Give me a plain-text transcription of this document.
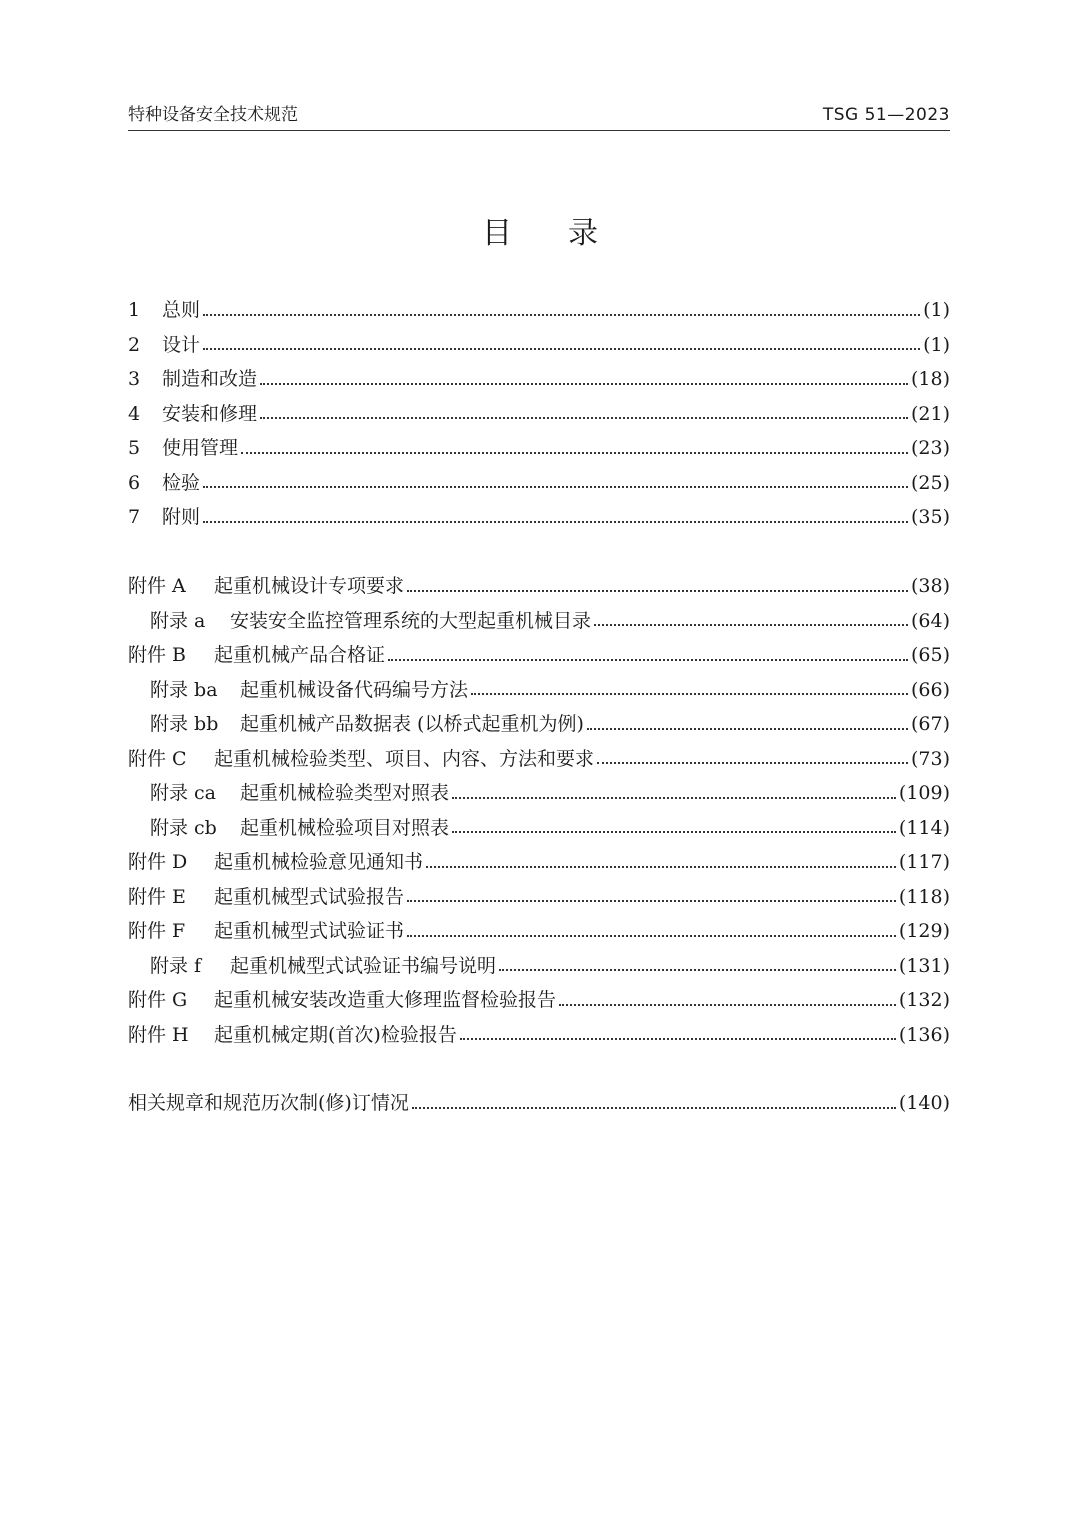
特种设备安全技术规范	TSG 51—2023
目录
1	总则	(1)
2	设计	(1)
3	制造和改造	(18)
4	安装和修理	(21)
5	使用管理	(23)
6	检验	(25)
7	附则	(35)
附件 A	起重机械设计专项要求	(38)
附录 a	安装安全监控管理系统的大型起重机械目录	(64)
附件 B	起重机械产品合格证	(65)
附录 ba	起重机械设备代码编号方法	(66)
附录 bb	起重机械产品数据表 (以桥式起重机为例)	(67)
附件 C	起重机械检验类型、项目、内容、方法和要求	(73)
附录 ca	起重机械检验类型对照表	(109)
附录 cb	起重机械检验项目对照表	(114)
附件 D	起重机械检验意见通知书	(117)
附件 E	起重机械型式试验报告	(118)
附件 F	起重机械型式试验证书	(129)
附录 f	起重机械型式试验证书编号说明	(131)
附件 G	起重机械安装改造重大修理监督检验报告	(132)
附件 H	起重机械定期(首次)检验报告	(136)
相关规章和规范历次制(修)订情况	(140)
